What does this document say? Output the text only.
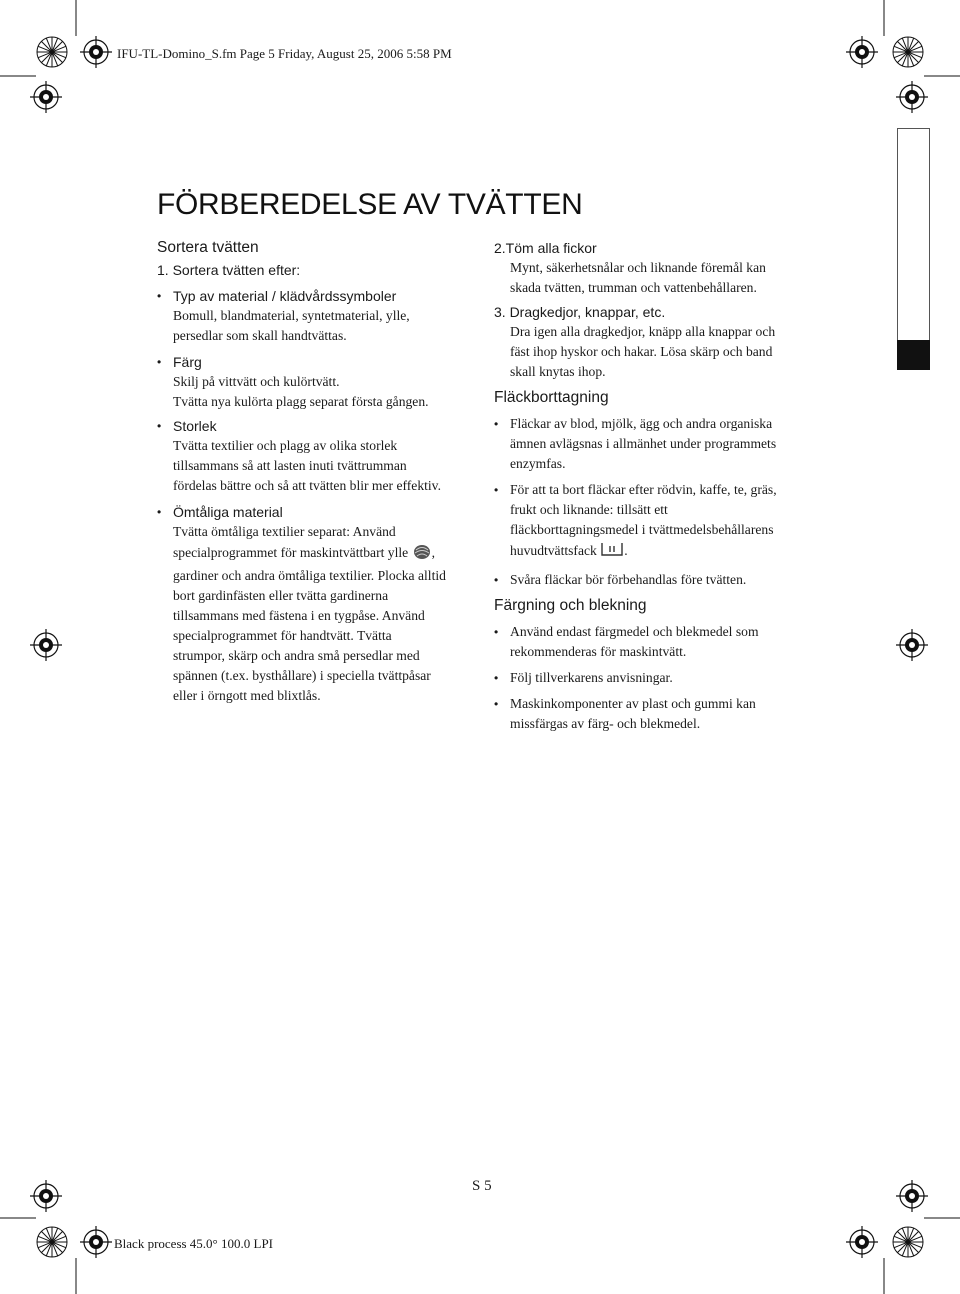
IFU-TL-Domino_S.fm Page 5 Friday, August 25, 2006 5:58 PM
FÖRBEREDELSE AV TVÄTTEN

Sortera tvätten

1. Sortera tvätten efter:

• Typ av material / klädvårdssymboler

Bomull, blandmaterial, syntetmaterial, ylle,

persedlar som skall handtvättas.

• Färg

Skilj på vittvätt och kulörtvätt.

Tvätta nya kulörta plagg separat första gången.

• Storlek

Tvätta textilier och plagg av olika storlek

tillsammans så att lasten inuti tvättrumman

fördelas bättre och så att tvätten blir mer effektiv.

• Ömtåliga material

Tvätta ömtåliga textilier separat: Använd

specialprogrammet för maskintvättbart ylle ,

gardiner och andra ömtåliga textilier. Plocka alltid

bort gardinfästen eller tvätta gardinerna

tillsammans med fästena i en tygpåse. Använd

specialprogrammet för handtvätt. Tvätta

strumpor, skärp och andra små persedlar med

spännen (t.ex. bysthållare) i speciella tvättpåsar

eller i örngott med blixtlås.

2.Töm alla fickor

Mynt, säkerhetsnålar och liknande föremål kan

skada tvätten, trumman och vattenbehållaren.

3. Dragkedjor, knappar, etc.

Dra igen alla dragkedjor, knäpp alla knappar och

fäst ihop hyskor och hakar. Lösa skärp och band

skall knytas ihop.

Fläckborttagning

• Fläckar av blod, mjölk, ägg och andra organiska

ämnen avlägsnas i allmänhet under programmets

enzymfas.

• För att ta bort fläckar efter rödvin, kaffe, te, gräs,

frukt och liknande: tillsätt ett

fläckborttagningsmedel i tvättmedelsbehållarens

huvudtvättsfack .

• Svåra fläckar bör förbehandlas före tvätten.

Färgning och blekning

• Använd endast färgmedel och blekmedel som

rekommenderas för maskintvätt.

• Följ tillverkarens anvisningar.

• Maskinkomponenter av plast och gummi kan

missfärgas av färg- och blekmedel.

S 5
Black process 45.0° 100.0 LPI
